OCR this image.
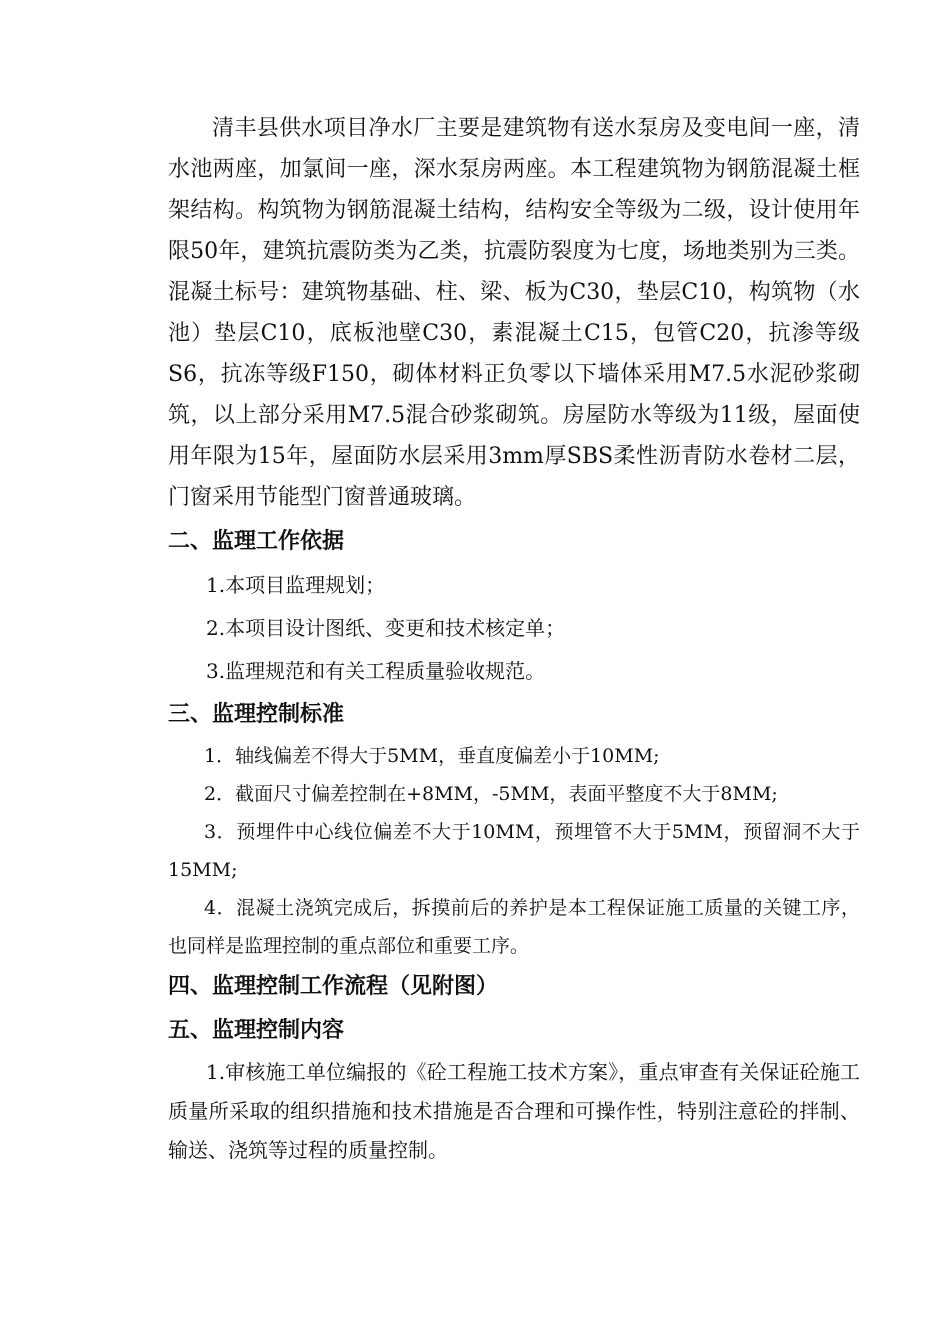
清丰县供水项目净水厂主要是建筑物有送水泵房及变电间一座，清水池两座，加氯间一座，深水泵房两座。本工程建筑物为钢筋混凝土框架结构。构筑物为钢筋混凝土结构，结构安全等级为二级，设计使用年限50年，建筑抗震防类为乙类，抗震防裂度为七度，场地类别为三类。混凝土标号：建筑物基础、柱、梁、板为C30，垫层C10，构筑物（水池）垫层C10，底板池壁C30，素混凝土C15，包管C20，抗渗等级S6，抗冻等级F150，砌体材料正负零以下墙体采用M7.5水泥砂浆砌筑，以上部分采用M7.5混合砂浆砌筑。房屋防水等级为11级，屋面使用年限为15年，屋面防水层采用3mm厚SBS柔性沥青防水卷材二层，门窗采用节能型门窗普通玻璃。

二、监理工作依据

1.本项目监理规划；

2.本项目设计图纸、变更和技术核定单；

3.监理规范和有关工程质量验收规范。

三、监理控制标准

1．轴线偏差不得大于5MM，垂直度偏差小于10MM;

2．截面尺寸偏差控制在+8MM，-5MM，表面平整度不大于8MM;

3．预埋件中心线位偏差不大于10MM，预埋管不大于5MM，预留洞不大于15MM;

4．混凝土浇筑完成后，拆摸前后的养护是本工程保证施工质量的关键工序，也同样是监理控制的重点部位和重要工序。

四、监理控制工作流程（见附图）

五、监理控制内容

1.审核施工单位编报的《砼工程施工技术方案》，重点审查有关保证砼施工质量所采取的组织措施和技术措施是否合理和可操作性，特别注意砼的拌制、输送、浇筑等过程的质量控制。
